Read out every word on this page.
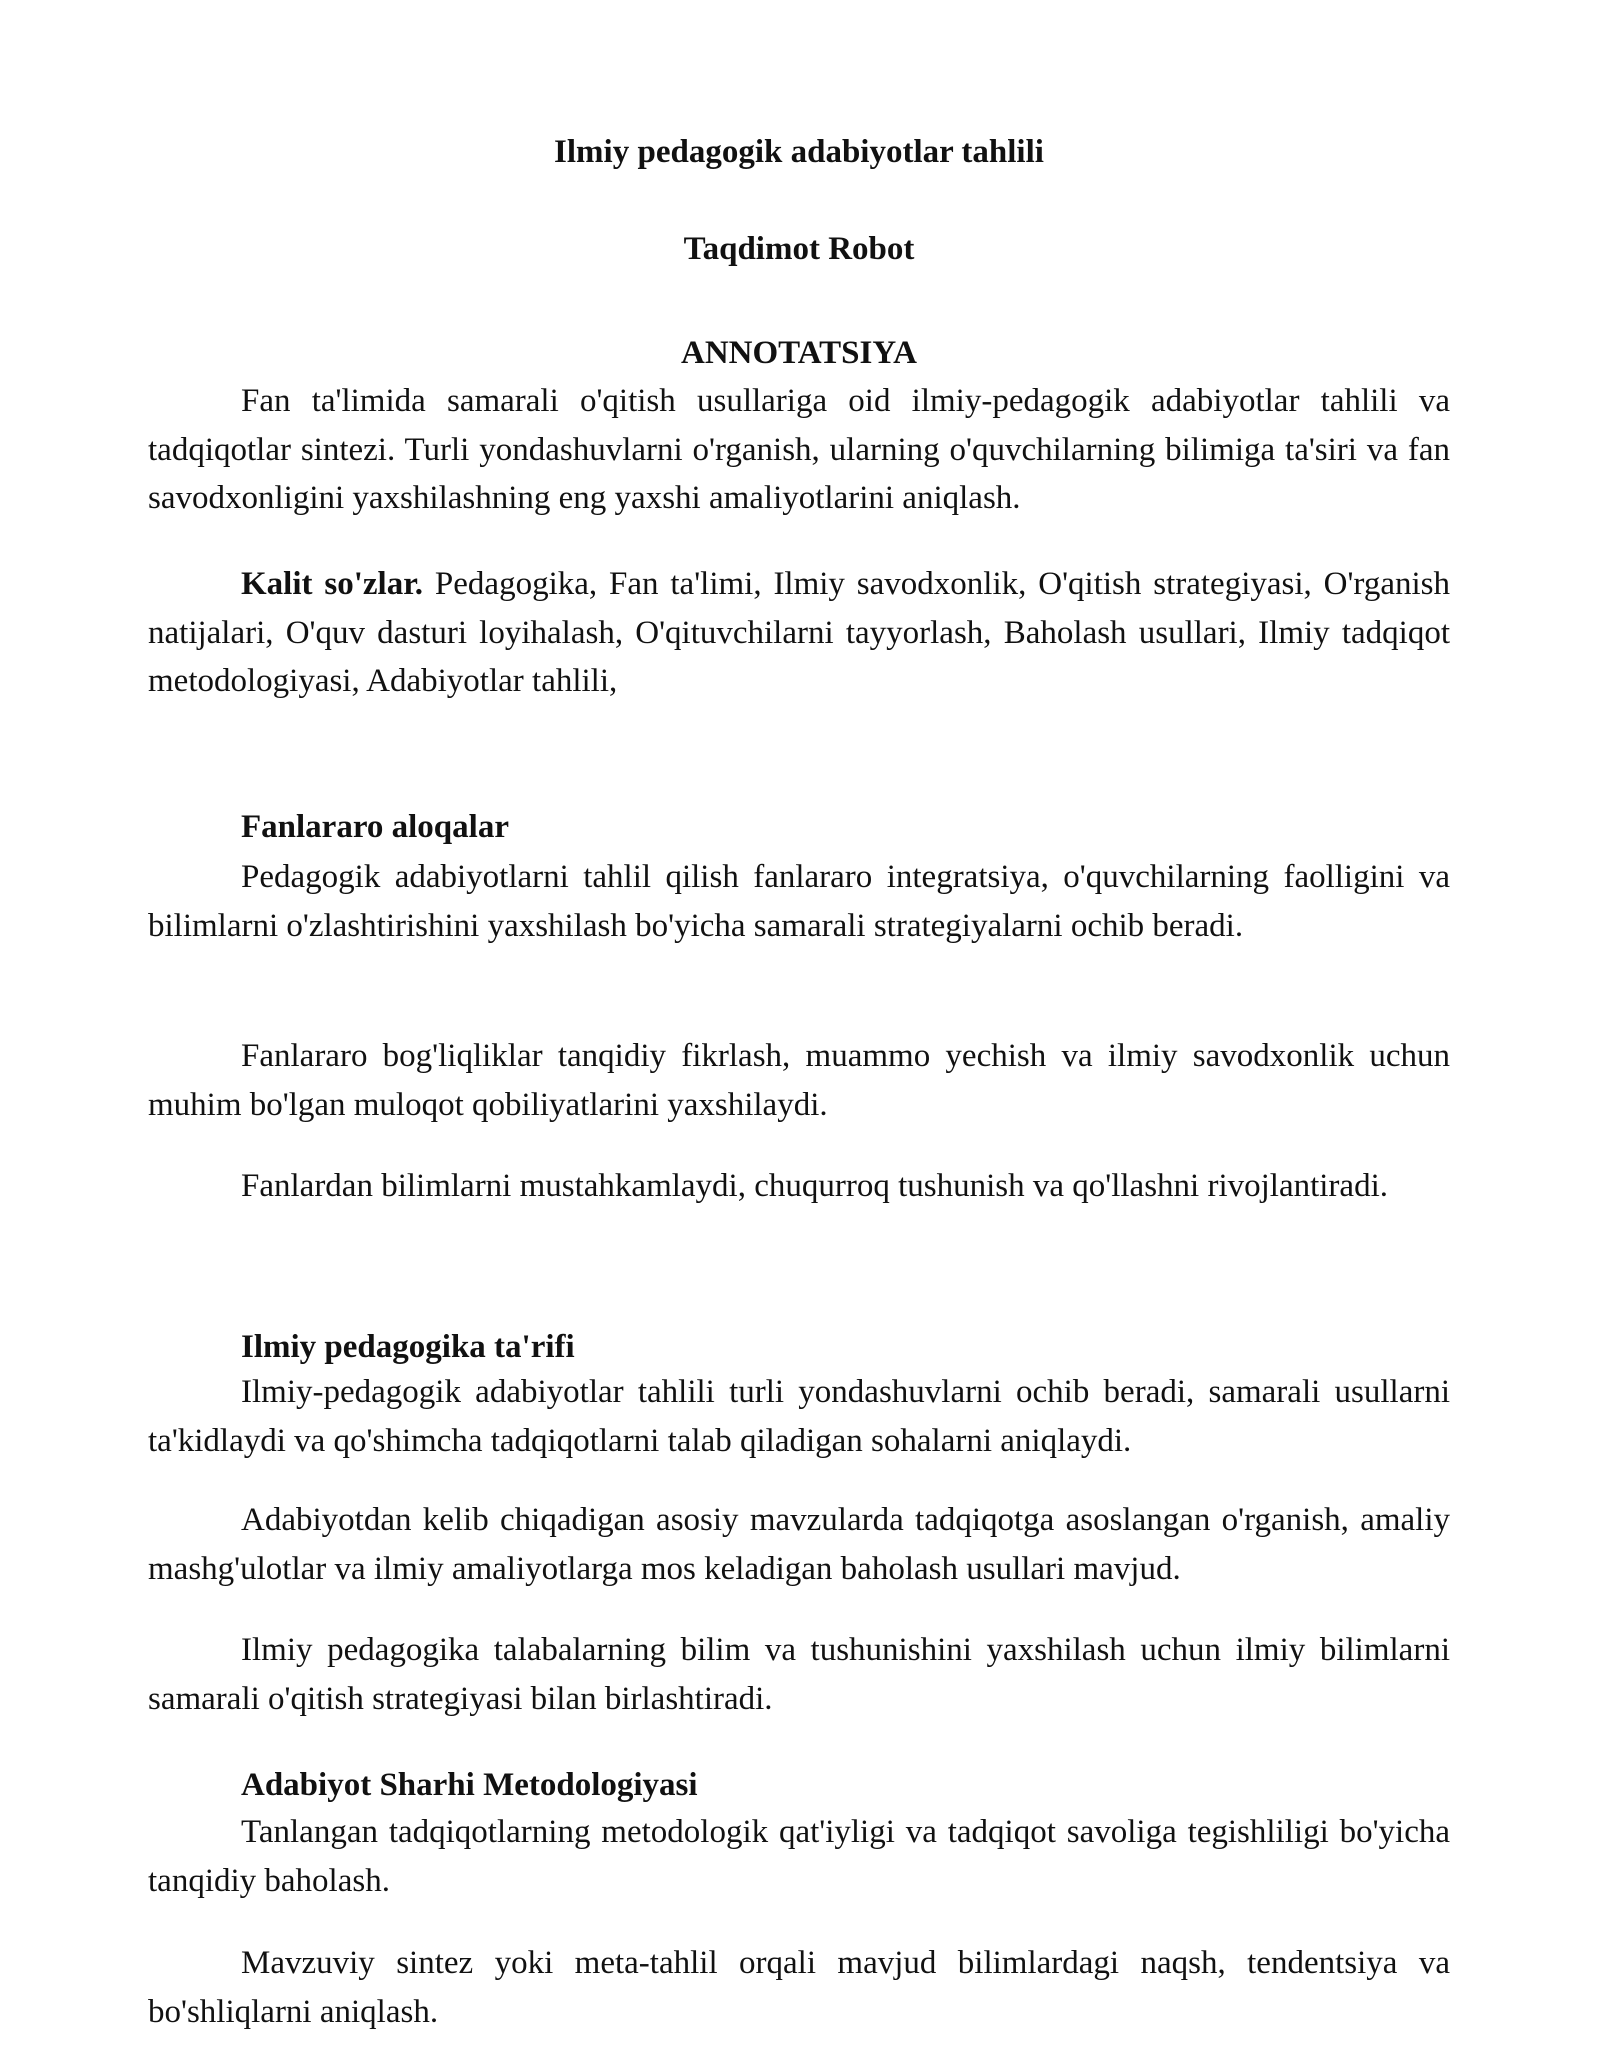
Ilmiy pedagogik adabiyotlar tahlili
Taqdimot Robot
ANNOTATSIYA

Fan ta'limida samarali o'qitish usullariga oid ilmiy-pedagogik adabiyotlar tahlili va tadqiqotlar sintezi. Turli yondashuvlarni o'rganish, ularning o'quvchilarning bilimiga ta'siri va fan savodxonligini yaxshilashning eng yaxshi amaliyotlarini aniqlash.

Kalit so'zlar. Pedagogika, Fan ta'limi, Ilmiy savodxonlik, O'qitish strategiyasi, O'rganish natijalari, O'quv dasturi loyihalash, O'qituvchilarni tayyorlash, Baholash usullari, Ilmiy tadqiqot metodologiyasi, Adabiyotlar tahlili,

Fanlararo aloqalar

Pedagogik adabiyotlarni tahlil qilish fanlararo integratsiya, o'quvchilarning faolligini va bilimlarni o'zlashtirishini yaxshilash bo'yicha samarali strategiyalarni ochib beradi.

Fanlararo bog'liqliklar tanqidiy fikrlash, muammo yechish va ilmiy savodxonlik uchun muhim bo'lgan muloqot qobiliyatlarini yaxshilaydi.

Fanlardan bilimlarni mustahkamlaydi, chuqurroq tushunish va qo'llashni rivojlantiradi.

Ilmiy pedagogika ta'rifi

Ilmiy-pedagogik adabiyotlar tahlili turli yondashuvlarni ochib beradi, samarali usullarni ta'kidlaydi va qo'shimcha tadqiqotlarni talab qiladigan sohalarni aniqlaydi.

Adabiyotdan kelib chiqadigan asosiy mavzularda tadqiqotga asoslangan o'rganish, amaliy mashg'ulotlar va ilmiy amaliyotlarga mos keladigan baholash usullari mavjud.

Ilmiy pedagogika talabalarning bilim va tushunishini yaxshilash uchun ilmiy bilimlarni samarali o'qitish strategiyasi bilan birlashtiradi.

Adabiyot Sharhi Metodologiyasi

Tanlangan tadqiqotlarning metodologik qat'iyligi va tadqiqot savoliga tegishliligi bo'yicha tanqidiy baholash.

Mavzuviy sintez yoki meta-tahlil orqali mavjud bilimlardagi naqsh, tendentsiya va bo'shliqlarni aniqlash.
